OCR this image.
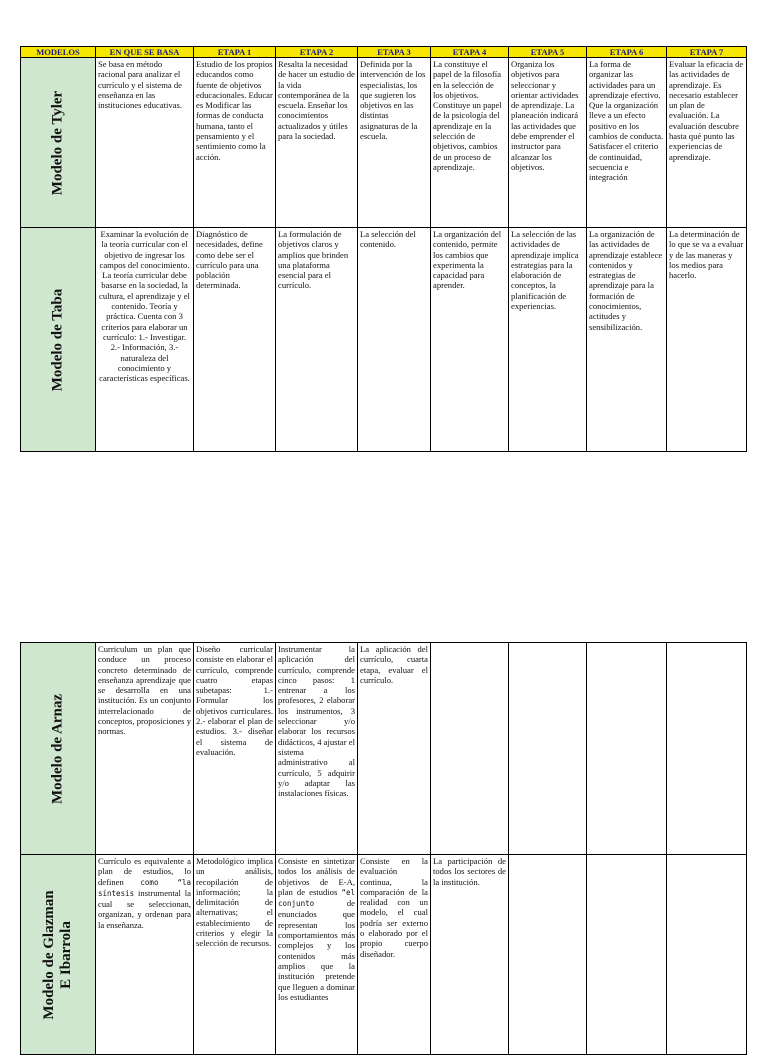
MODELOS	EN QUE SE BASA	ETAPA 1	ETAPA 2	ETAPA 3	ETAPA 4	ETAPA 5	ETAPA 6	ETAPA 7

Modelo de Tyler	Se basa en método racional para analizar el currículo y el sistema de enseñanza en las instituciones educativas.	Estudio de los propios educandos como fuente de objetivos educacionales. Educar es Modificar las formas de conducta humana, tanto el pensamiento y el sentimiento como la acción.	Resalta la necesidad de hacer un estudio de la vida contemporánea de la escuela. Enseñar los conocimientos actualizados y útiles para la sociedad.	Definida por la intervención de los especialistas, los que sugieren los objetivos en las distintas asignaturas de la escuela.	La constituye el papel de la filosofía en la selección de los objetivos. Constituye un papel de la psicología del aprendizaje en la selección de objetivos, cambios de un proceso de aprendizaje.	Organiza los objetivos para seleccionar y orientar actividades de aprendizaje. La planeación indicará las actividades que debe emprender el instructor para alcanzar los objetivos.	La forma de organizar las actividades para un aprendizaje efectivo. Que la organización lleve a un efecto positivo en los cambios de conducta. Satisfacer el criterio de continuidad, secuencia e integración	Evaluar la eficacia de las actividades de aprendizaje. Es necesario establecer un plan de evaluación. La evaluación descubre hasta qué punto las experiencias de aprendizaje.

Modelo de Taba	Examinar la evolución de la teoría curricular con el objetivo de ingresar los campos del conocimiento. La teoría curricular debe basarse en la sociedad, la cultura, el aprendizaje y el contenido. Teoría y práctica. Cuenta con 3 criterios para elaborar un currículo: 1.- Investigar. 2.- Información, 3.- naturaleza del conocimiento y características específicas.	Diagnóstico de necesidades, define como debe ser el currículo para una población determinada.	La formulación de objetivos claros y amplios que brinden una plataforma esencial para el currículo.	La selección del contenido.	La organización del contenido, permite los cambios que experimenta la capacidad para aprender.	La selección de las actividades de aprendizaje implica estrategias para la elaboración de conceptos, la planificación de experiencias.	La organización de las actividades de aprendizaje establece contenidos y estrategias de aprendizaje para la formación de conocimientos, actitudes y sensibilización.	La determinación de lo que se va a evaluar y de las maneras y los medios para hacerlo.
Modelo de Arnaz	Curriculum un plan que conduce un proceso concreto determinado de enseñanza aprendizaje que se desarrolla en una institución. Es un conjunto interrelacionado de conceptos, proposiciones y normas.	Diseño curricular consiste en elaborar el currículo, comprende cuatro etapas subetapas: 1.- Formular los objetivos curriculares. 2.- elaborar el plan de estudios. 3.- diseñar el sistema de evaluación.	Instrumentar la aplicación del currículo, comprende cinco pasos: 1 entrenar a los profesores, 2 elaborar los instrumentos, 3 seleccionar y/o elaborar los recursos didácticos, 4 ajustar el sistema administrativo al currículo, 5 adquirir y/o adaptar las instalaciones físicas.	La aplicación del currículo, cuarta etapa, evaluar el currículo.				

Modelo de Glazman E Ibarrola	Currículo es equivalente a plan de estudios, lo definen como “la síntesis instrumental la cual se seleccionan, organizan, y ordenan para la enseñanza.	Metodológico implica un análisis, recopilación de información; la delimitación de alternativas; el establecimiento de criterios y elegir la selección de recursos.	Consiste en sintetizar todos los análisis de objetivos de E-A, plan de estudios “el conjunto de enunciados que representan los comportamientos más complejos y los contenidos más amplios que la institución pretende que lleguen a dominar los estudiantes	Consiste en la evaluación continua, la comparación de la realidad con un modelo, el cual podría ser externo o elaborado por el propio cuerpo diseñador.	La participación de todos los sectores de la institución.			
